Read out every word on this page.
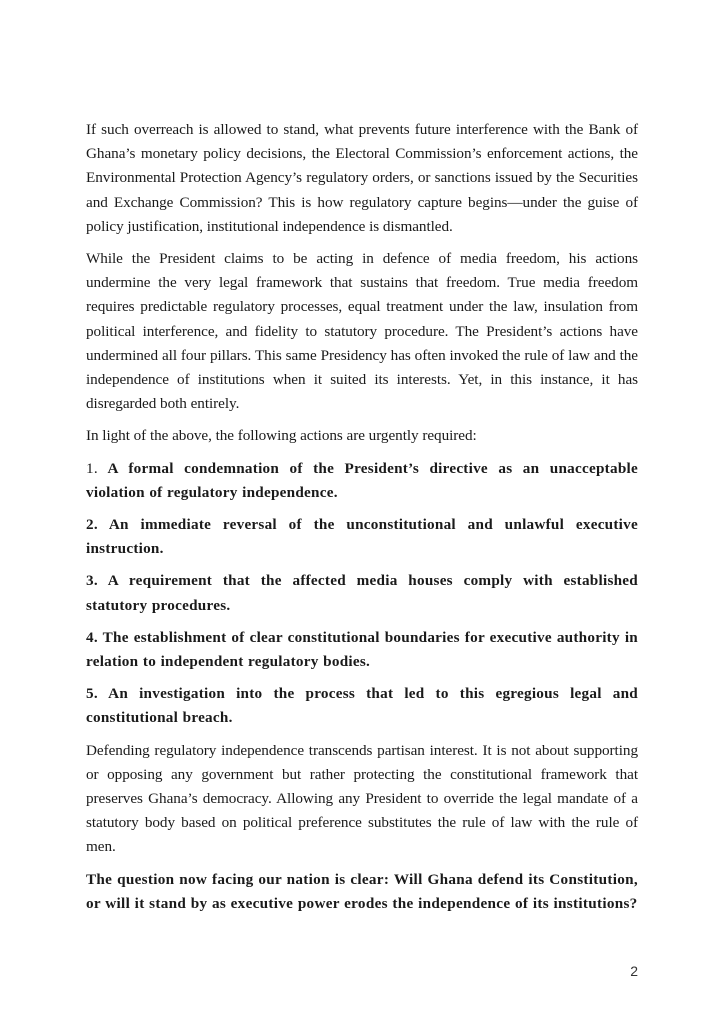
If such overreach is allowed to stand, what prevents future interference with the Bank of Ghana’s monetary policy decisions, the Electoral Commission’s enforcement actions, the Environmental Protection Agency’s regulatory orders, or sanctions issued by the Securities and Exchange Commission? This is how regulatory capture begins—under the guise of policy justification, institutional independence is dismantled.

While the President claims to be acting in defence of media freedom, his actions undermine the very legal framework that sustains that freedom. True media freedom requires predictable regulatory processes, equal treatment under the law, insulation from political interference, and fidelity to statutory procedure. The President’s actions have undermined all four pillars. This same Presidency has often invoked the rule of law and the independence of institutions when it suited its interests. Yet, in this instance, it has disregarded both entirely.

In light of the above, the following actions are urgently required:

1. A formal condemnation of the President’s directive as an unacceptable violation of regulatory independence.
2. An immediate reversal of the unconstitutional and unlawful executive instruction.
3. A requirement that the affected media houses comply with established statutory procedures.
4. The establishment of clear constitutional boundaries for executive authority in relation to independent regulatory bodies.
5. An investigation into the process that led to this egregious legal and constitutional breach.

Defending regulatory independence transcends partisan interest. It is not about supporting or opposing any government but rather protecting the constitutional framework that preserves Ghana’s democracy. Allowing any President to override the legal mandate of a statutory body based on political preference substitutes the rule of law with the rule of men.

The question now facing our nation is clear: Will Ghana defend its Constitution, or will it stand by as executive power erodes the independence of its institutions?

2
